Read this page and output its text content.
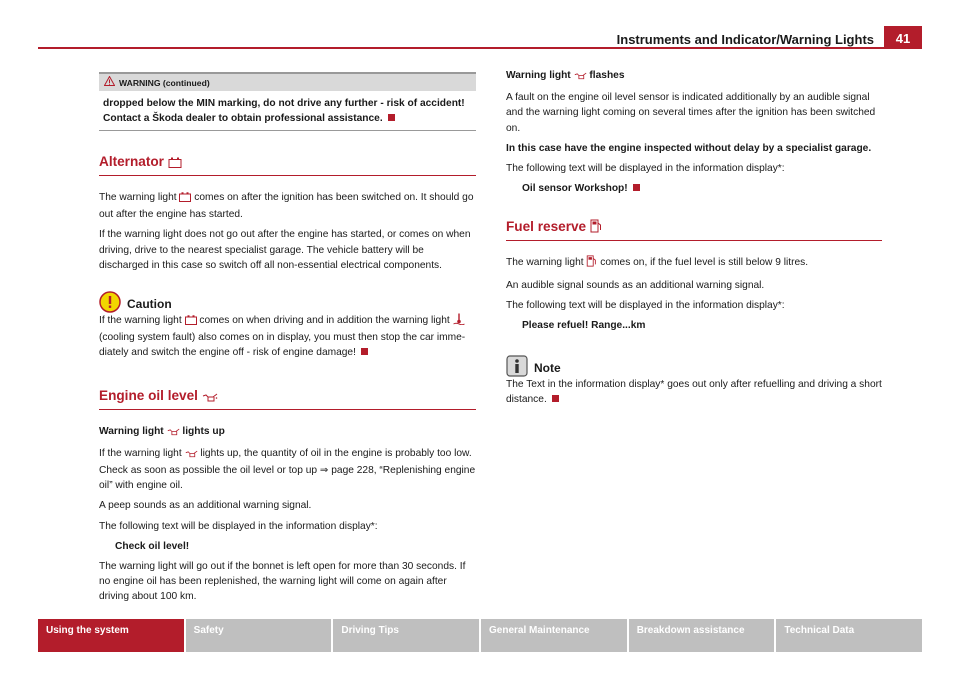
Instruments and Indicator/Warning Lights	41
WARNING (continued)
dropped below the MIN marking, do not drive any further - risk of accident! Contact a Škoda dealer to obtain professional assistance.
Alternator

The warning light comes on after the ignition has been switched on. It should go out after the engine has started.

If the warning light does not go out after the engine has started, or comes on when driving, drive to the nearest specialist garage. The vehicle battery will be discharged in this case so switch off all non-essential electrical components.

Caution

If the warning light comes on when driving and in addition the warning light  (cooling system fault) also comes on in display, you must then stop the car immediately and switch the engine off - risk of engine damage!

Engine oil level

Warning light lights up

If the warning light lights up, the quantity of oil in the engine is probably too low. Check as soon as possible the oil level or top up ⇒ page 228, “Replenishing engine oil” with engine oil.

A peep sounds as an additional warning signal.

The following text will be displayed in the information display*:

Check oil level!

The warning light will go out if the bonnet is left open for more than 30 seconds. If no engine oil has been replenished, the warning light will come on again after driving about 100 km.

Warning light flashes

A fault on the engine oil level sensor is indicated additionally by an audible signal and the warning light coming on several times after the ignition has been switched on.

In this case have the engine inspected without delay by a specialist garage.

The following text will be displayed in the information display*:

Oil sensor Workshop!

Fuel reserve

The warning light comes on, if the fuel level is still below 9 litres.

An audible signal sounds as an additional warning signal.

The following text will be displayed in the information display*:

Please refuel! Range...km

Note

The Text in the information display* goes out only after refuelling and driving a short distance.

Using the system	Safety	Driving Tips	General Maintenance	Breakdown assistance	Technical Data
